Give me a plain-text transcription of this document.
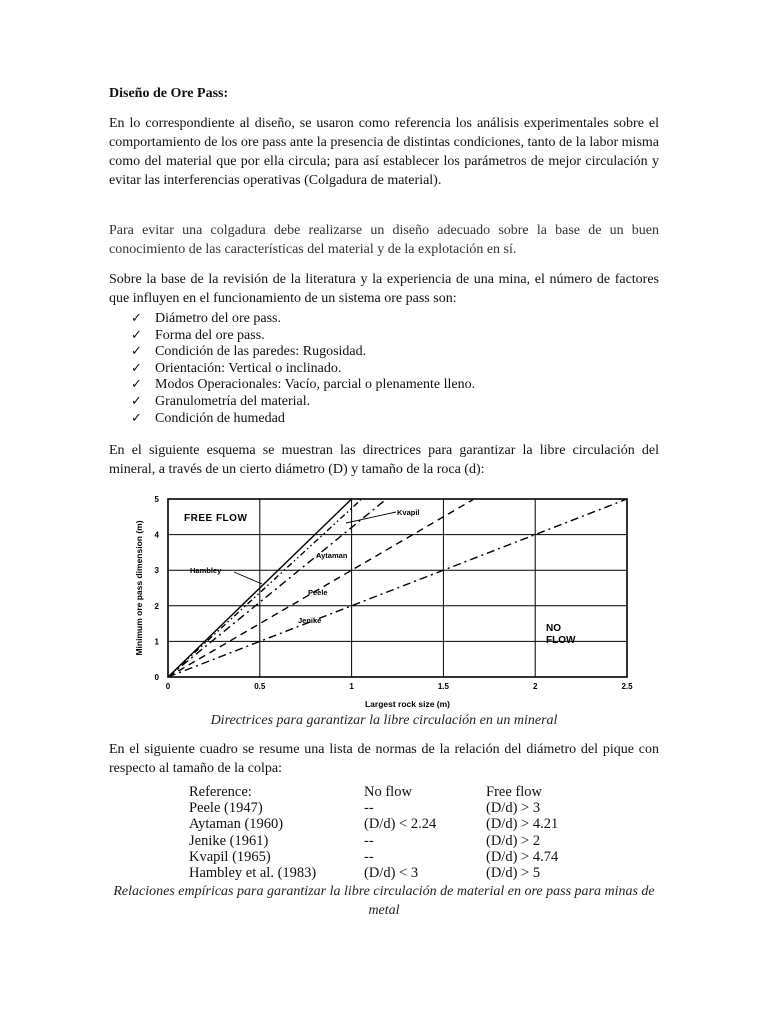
Diseño de Ore Pass:
En lo correspondiente al diseño, se usaron como referencia los análisis experimentales sobre el comportamiento de los ore pass ante la presencia de distintas condiciones, tanto de la labor misma como del material que por ella circula; para así establecer los parámetros de mejor circulación y evitar las interferencias operativas (Colgadura de material).
Para evitar una colgadura debe realizarse un diseño adecuado sobre la base de un buen conocimiento de las características del material y de la explotación en sí.
Sobre la base de la revisión de la literatura y la experiencia de una mina, el número de factores que influyen en el funcionamiento de un sistema ore pass son:
✓ Diámetro del ore pass.
✓ Forma del ore pass.
✓ Condición de las paredes: Rugosidad.
✓ Orientación: Vertical o inclinado.
✓ Modos Operacionales: Vacío, parcial o plenamente lleno.
✓ Granulometría del material.
✓ Condición de humedad
En el siguiente esquema se muestran las directrices para garantizar la libre circulación del mineral, a través de un cierto diámetro (D) y tamaño de la roca (d):
Directrices para garantizar la libre circulación en un mineral
En el siguiente cuadro se resume una lista de normas de la relación del diámetro del pique con respecto al tamaño de la colpa:
Reference:	No flow	Free flow
Peele (1947)	--	(D/d) > 3
Aytaman (1960)	(D/d) < 2.24	(D/d) > 4.21
Jenike (1961)	--	(D/d) > 2
Kvapil (1965)	--	(D/d) > 4.74
Hambley et al. (1983)	(D/d) < 3	(D/d) > 5
Relaciones empíricas para garantizar la libre circulación de material en ore pass para minas de metal
0	0.5	1	1.5	2	2.5
0
1
2
3
4
5
Largest rock size (m)
Minimum ore pass dimension (m)	Hambley
Kvapil
Aytaman
Peele
Jenike
FREE FLOW
NO
FLOW
